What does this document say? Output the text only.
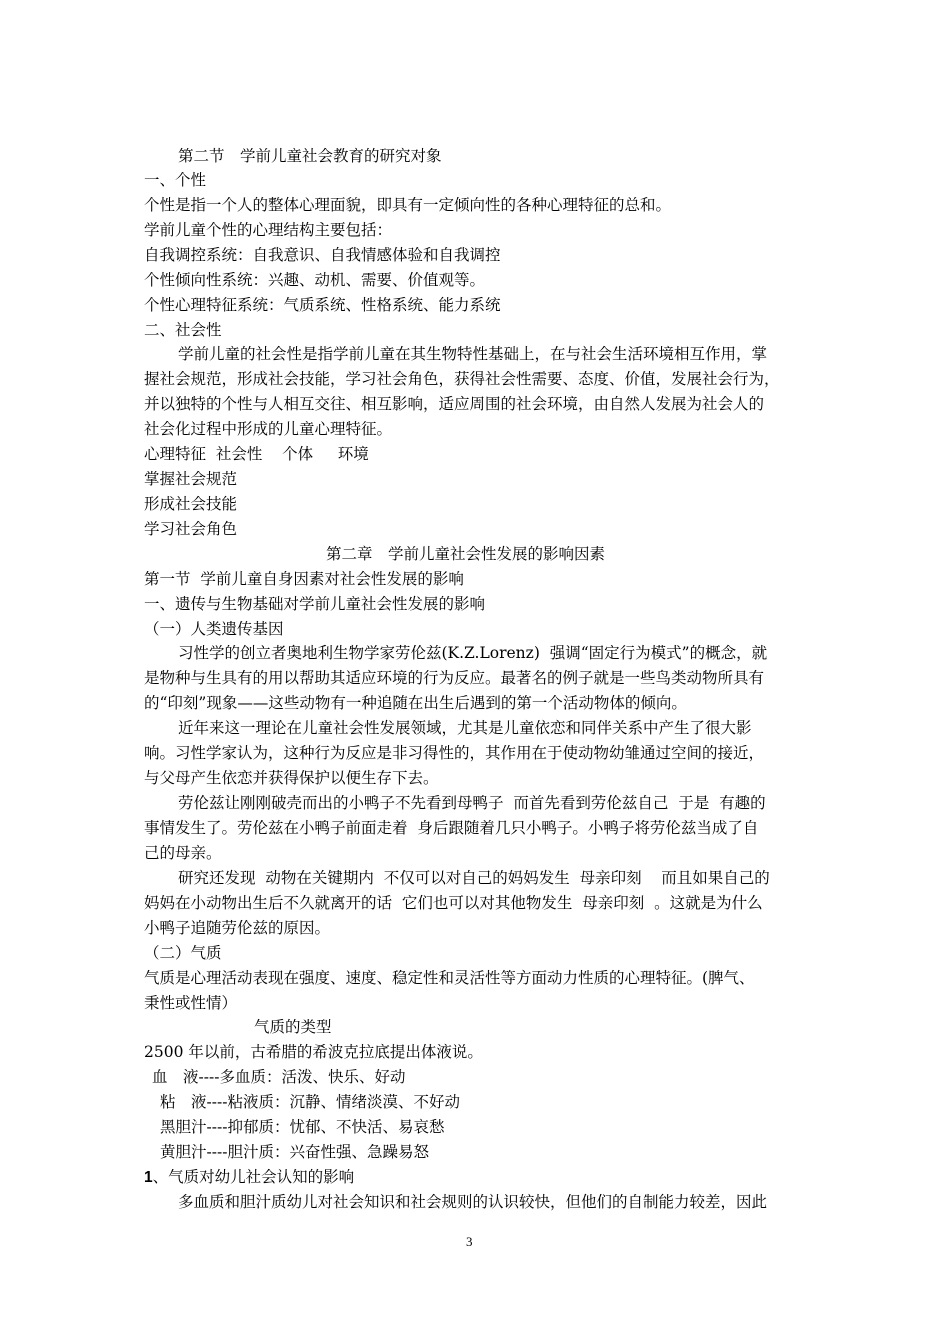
第二节　学前儿童社会教育的研究对象

一、个性

个性是指一个人的整体心理面貌，即具有一定倾向性的各种心理特征的总和。

学前儿童个性的心理结构主要包括：

自我调控系统：自我意识、自我情感体验和自我调控

个性倾向性系统：兴趣、动机、需要、价值观等。

个性心理特征系统：气质系统、性格系统、能力系统

二、社会性

学前儿童的社会性是指学前儿童在其生物特性基础上，在与社会生活环境相互作用，掌

握社会规范，形成社会技能，学习社会角色，获得社会性需要、态度、价值，发展社会行为，

并以独特的个性与人相互交往、相互影响，适应周围的社会环境，由自然人发展为社会人的

社会化过程中形成的儿童心理特征。

心理特征  社会性    个体     环境

掌握社会规范

形成社会技能

学习社会角色

第二章　学前儿童社会性发展的影响因素

第一节  学前儿童自身因素对社会性发展的影响

一、遗传与生物基础对学前儿童社会性发展的影响

（一）人类遗传基因

习性学的创立者奥地利生物学家劳伦兹(K.Z.Lorenz)  强调“固定行为模式”的概念，就

是物种与生具有的用以帮助其适应环境的行为反应。最著名的例子就是一些鸟类动物所具有

的“印刻”现象——这些动物有一种追随在出生后遇到的第一个活动物体的倾向。

近年来这一理论在儿童社会性发展领域，尤其是儿童依恋和同伴关系中产生了很大影

响。习性学家认为，这种行为反应是非习得性的，其作用在于使动物幼雏通过空间的接近，

与父母产生依恋并获得保护以便生存下去。

劳伦兹让刚刚破壳而出的小鸭子不先看到母鸭子  而首先看到劳伦兹自己  于是  有趣的

事情发生了。劳伦兹在小鸭子前面走着  身后跟随着几只小鸭子。小鸭子将劳伦兹当成了自

己的母亲。

研究还发现  动物在关键期内  不仅可以对自己的妈妈发生  母亲印刻    而且如果自己的

妈妈在小动物出生后不久就离开的话  它们也可以对其他物发生  母亲印刻  。这就是为什么

小鸭子追随劳伦兹的原因。

（二）气质

气质是心理活动表现在强度、速度、稳定性和灵活性等方面动力性质的心理特征。(脾气、

秉性或性情）

气质的类型

2500 年以前，古希腊的希波克拉底提出体液说。

血　液----多血质：活泼、快乐、好动

粘　液----粘液质：沉静、情绪淡漠、不好动

黑胆汁----抑郁质：忧郁、不快活、易哀愁

黄胆汁----胆汁质：兴奋性强、急躁易怒

1、气质对幼儿社会认知的影响

多血质和胆汁质幼儿对社会知识和社会规则的认识较快，但他们的自制能力较差，因此

3
